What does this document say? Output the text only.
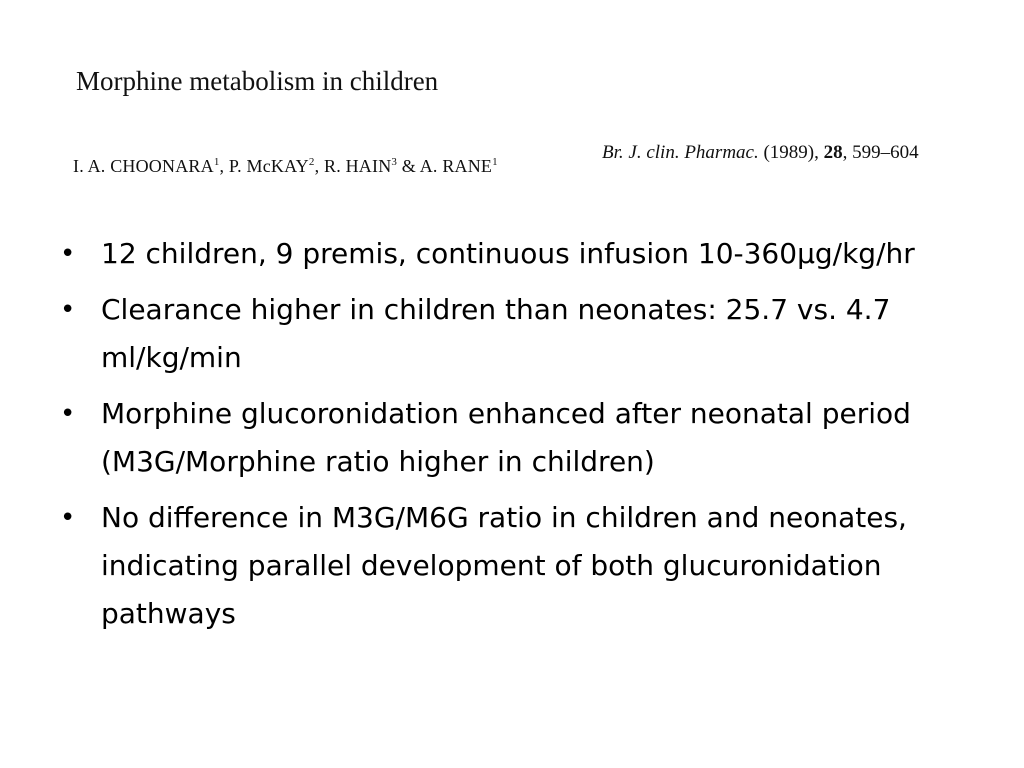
Morphine metabolism in children
I. A. CHOONARA$^1$, P. McKAY$^2$, R. HAIN$^3$ & A. RANE$^1$	Br. J. clin. Pharmac. (1989), 28, 599–604
• 12 children, 9 premis, continuous infusion 10-360μg/kg/hr
• Clearance higher in children than neonates: 25.7 vs. 4.7 ml/kg/min
• Morphine glucoronidation enhanced after neonatal period (M3G/Morphine ratio higher in children)
• No difference in M3G/M6G ratio in children and neonates, indicating parallel development of both glucuronidation pathways
